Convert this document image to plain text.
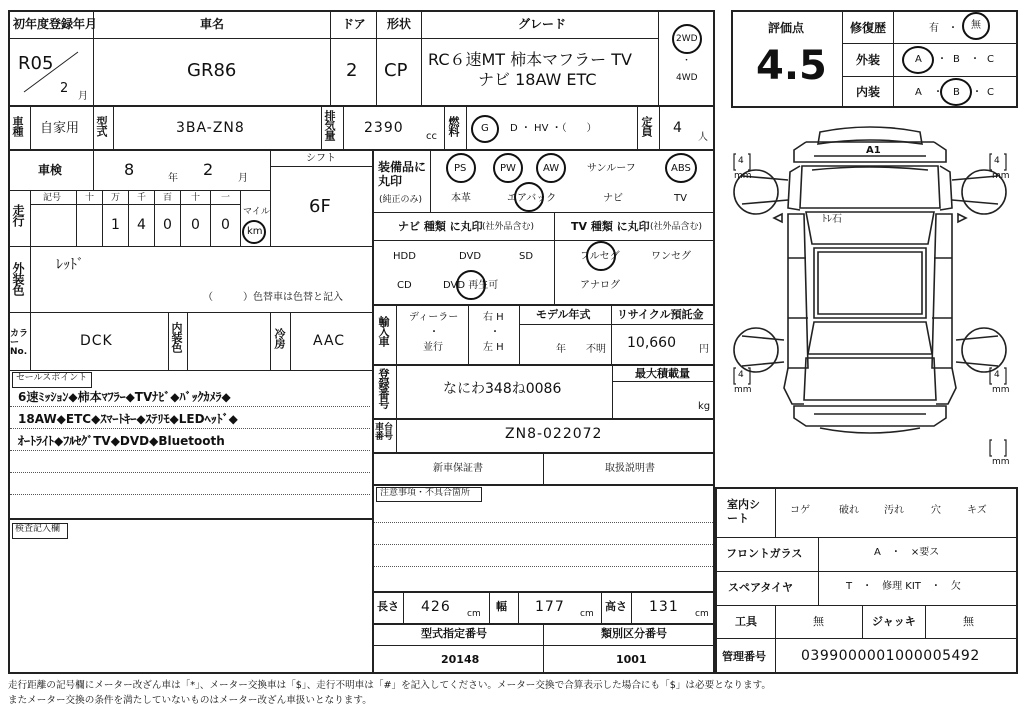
初年度登録年月
R05
2
月
車名
GR86
ドア
2
形状
CP
グレード
RC６速MT 柿本マフラー TV
ナビ 18AW ETC
2WD
・
4WD
評価点
4.5
修復歴	有 ・ 無
外装	A ・ B ・ C
内装	A ・ B ・ C
車種 自家用 型式	3BA-ZN8	排気量 2390
cc
燃料 G D ・ HV ・（　　）	定員 4
人
車検	8	年 2 月
シフト
6F
走行
記号	十 万 千 百 十 一
1 4 0 0 0
マイル
km
外装色 ﾚｯﾄﾞ
（　　　）色替車は色替と記入
カラーNo.
DCK	内装色	冷房 AAC
セールスポイント
6速ﾐｯｼｮﾝ◆柿本ﾏﾌﾗｰ◆TVﾅﾋﾞ◆ﾊﾞｯｸｶﾒﾗ◆
18AW◆ETC◆ｽﾏｰﾄｷｰ◆ｽﾃﾘﾓ◆LEDﾍｯﾄﾞ◆
ｵｰﾄﾗｲﾄ◆ﾌﾙｾｸﾞTV◆DVD◆Bluetooth
検査記入欄
装備品に丸印
(純正のみ)
PS	PW	AW	サンルーフ	ABS
本革	エアバック	ナビ	TV
ナビ 種類 に丸印 (社外品含む)
HDD	DVD	SD
CD	DVD 再生可
TV 種類 に丸印 (社外品含む)
フルセグ	ワンセグ
アナログ
輸入車 ディーラー
・
並行
右 H
・
左 H
モデル年式
年 不明
リサイクル預託金
10,660 円
登録番号	なにわ348ね0086
最大積載量
kg
車台番号	ZN8-022072
新車保証書	取扱説明書
注意事項・不具合箇所
長さ 426 cm
幅 177 cm
高さ 131 cm
型式指定番号
20148
類別区分番号
1001
A1
ﾄﾚ石
4
mm
4
mm
4
mm
4
mm
mm
室内シート
コゲ	破れ	汚れ	穴	キズ
フロントガラス	A　・　×要ス
スペアタイヤ	T　・　修理 KIT　・　欠
工具	無	ジャッキ	無
管理番号	0399000001000005492
走行距離の記号欄にメーター改ざん車は「*」、メーター交換車は「$」、走行不明車は「#」を記入してください。メーター交換で合算表示した場合にも「$」は必要となります。
またメーター交換の条件を満たしていないものはメーター改ざん車扱いとなります。
